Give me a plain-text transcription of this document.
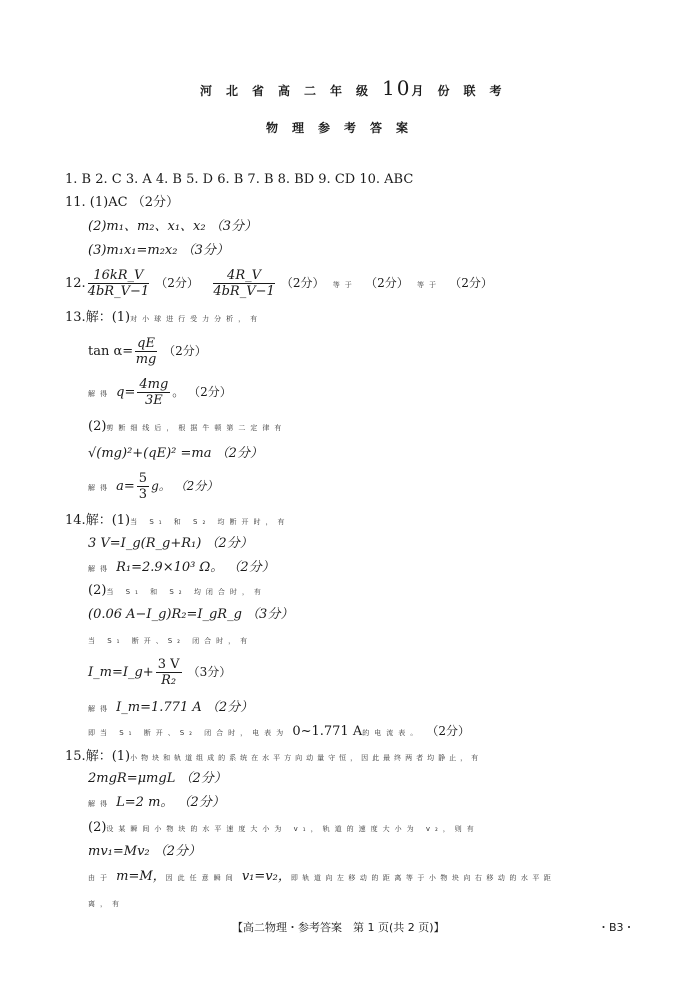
河北省高二年级10月份联考
物理参考答案
1. B 2. C 3. A 4. B 5. D 6. B 7. B 8. BD 9. CD 10. ABC
11. (1)AC （2分）
(2)m₁、m₂、x₁、x₂ （3分）
(3)m₁x₁=m₂x₂ （3分）
12. $\frac{16kR\_V}{4bR\_V-1} (2$分） $\frac{4R\_V}{4bR\_V-1} (2$分） 等于 （2分） 等于 （2分）
13.解：(1)对小球进行受力分析，有
$\tan \alpha= \frac{qE}{mg} (2$分）
解得 $q= \frac{4mg}{3E}$ 。 （2分）
(2)剪断细线后，根据牛顿第二定律有
√(mg)²+(qE)² =ma （2分）
解得 $a= \frac{5}{3}$ g。 （2分）
14.解：(1)当 S₁ 和 S₂ 均断开时，有
3 V=I_g(R_g+R₁) （2分）
解得 R₁=2.9×10³ Ω。 （2分）
(2)当 S₁ 和 S₂ 均闭合时，有
(0.06 A−I_g)R₂=I_gR_g （3分）
当 S₁ 断开、S₂ 闭合时，有
I_m=I_g+ $\frac{3 V}{\text{R₂}} (3$分）
解得 I_m=1.771 A （2分）
即当 S₁ 断开、S₂ 闭合时，电表为 0~1.771 A的电流表。 （2分）
15.解：(1)小物块和轨道组成的系统在水平方向动量守恒，因此最终两者均静止，有
2mgR=μmgL （2分）
解得 L=2 m。 （2分）
(2)设某瞬间小物块的水平速度大小为 v₁，轨道的速度大小为 v₂，则有
mv₁=Mv₂ （2分）
由于 m=M，因此任意瞬间 v₁=v₂，即轨道向左移动的距离等于小物块向右移动的水平距
离，有
【高二物理・参考答案　第 1 页(共 2 页)】	・B3・
